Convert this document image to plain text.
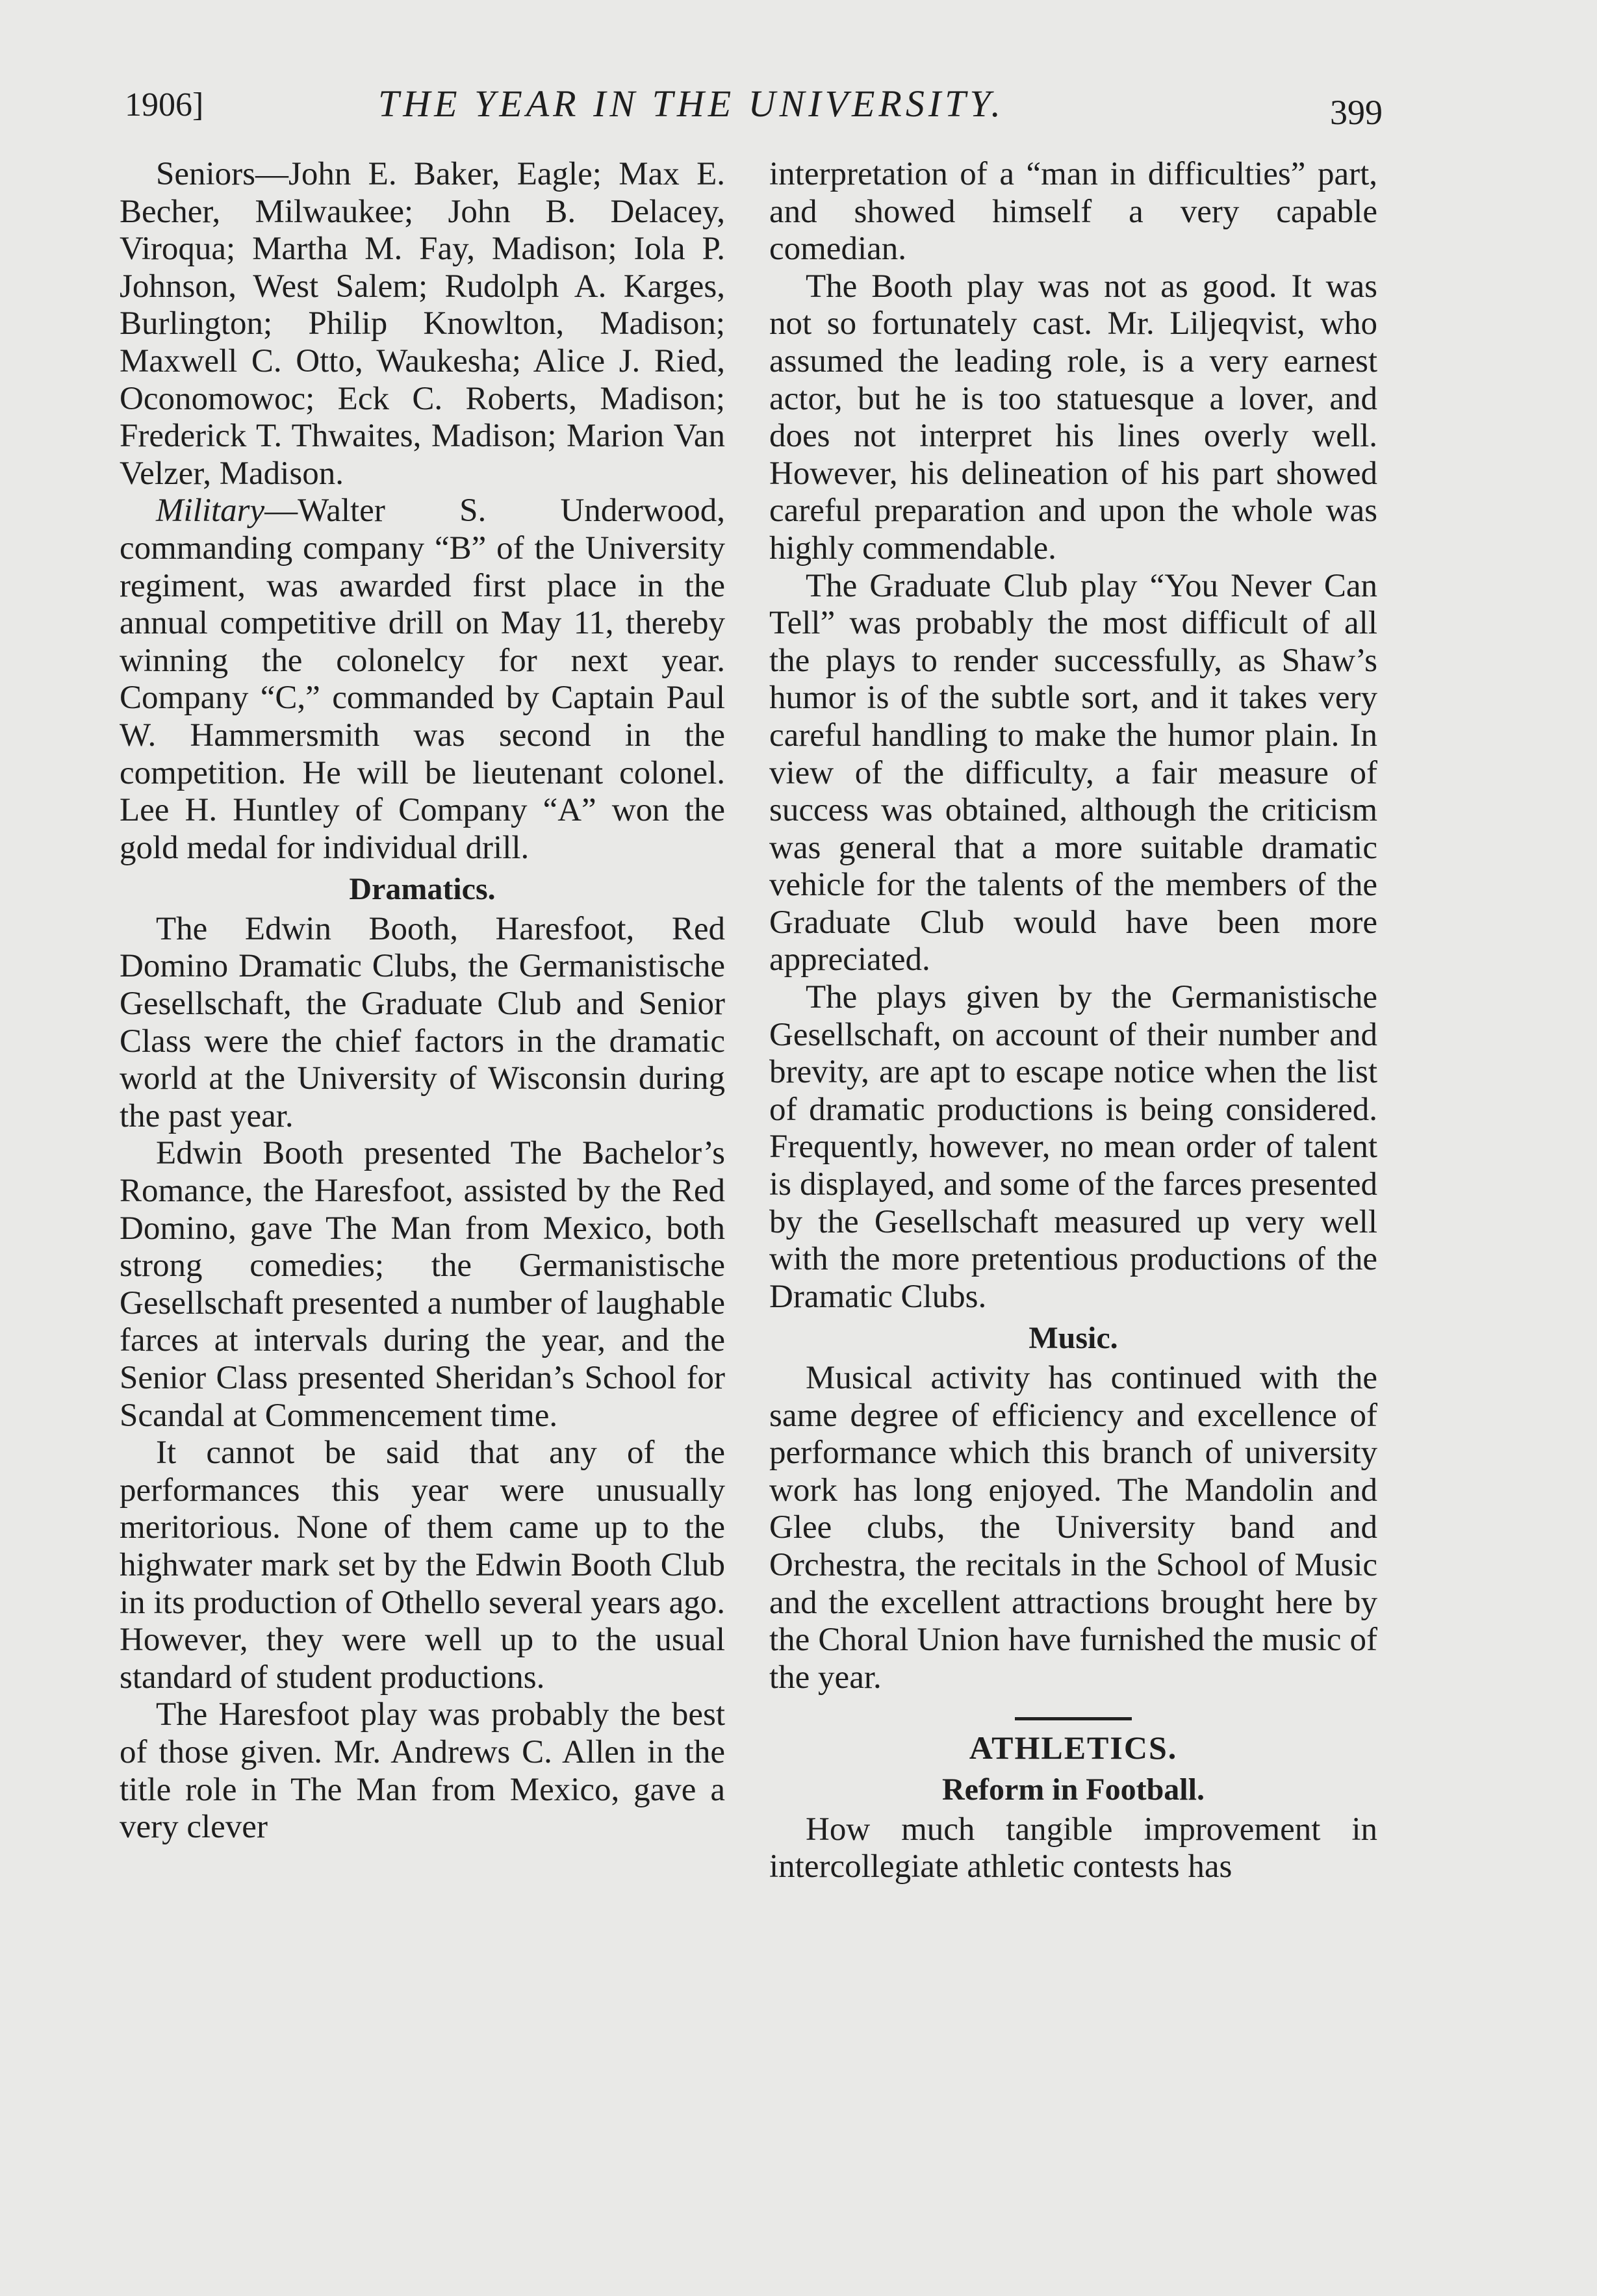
1906]	THE YEAR IN THE UNIVERSITY.	399

Seniors—John E. Baker, Eagle; Max E. Becher, Milwaukee; John B. Delacey, Viroqua; Martha M. Fay, Madison; Iola P. Johnson, West Salem; Rudolph A. Karges, Burlington; Philip Knowlton, Madison; Maxwell C. Otto, Waukesha; Alice J. Ried, Oconomowoc; Eck C. Roberts, Madison; Frederick T. Thwaites, Madison; Marion Van Velzer, Madison.

Military—Walter S. Underwood, commanding company “B” of the University regiment, was awarded first place in the annual competitive drill on May 11, thereby winning the colonelcy for next year. Company “C,” commanded by Captain Paul W. Hammersmith was second in the competition. He will be lieutenant colonel. Lee H. Huntley of Company “A” won the gold medal for individual drill.

Dramatics.

The Edwin Booth, Haresfoot, Red Domino Dramatic Clubs, the Germanistische Gesellschaft, the Graduate Club and Senior Class were the chief factors in the dramatic world at the University of Wisconsin during the past year.

Edwin Booth presented The Bachelor’s Romance, the Haresfoot, assisted by the Red Domino, gave The Man from Mexico, both strong comedies; the Germanistische Gesellschaft presented a number of laughable farces at intervals during the year, and the Senior Class presented Sheridan’s School for Scandal at Commencement time.

It cannot be said that any of the performances this year were unusually meritorious. None of them came up to the highwater mark set by the Edwin Booth Club in its production of Othello several years ago. However, they were well up to the usual standard of student productions.

The Haresfoot play was probably the best of those given. Mr. Andrews C. Allen in the title role in The Man from Mexico, gave a very clever

interpretation of a “man in difficulties” part, and showed himself a very capable comedian.

The Booth play was not as good. It was not so fortunately cast. Mr. Liljeqvist, who assumed the leading role, is a very earnest actor, but he is too statuesque a lover, and does not interpret his lines overly well. However, his delineation of his part showed careful preparation and upon the whole was highly commendable.

The Graduate Club play “You Never Can Tell” was probably the most difficult of all the plays to render successfully, as Shaw’s humor is of the subtle sort, and it takes very careful handling to make the humor plain. In view of the difficulty, a fair measure of success was obtained, although the criticism was general that a more suitable dramatic vehicle for the talents of the members of the Graduate Club would have been more appreciated.

The plays given by the Germanistische Gesellschaft, on account of their number and brevity, are apt to escape notice when the list of dramatic productions is being considered. Frequently, however, no mean order of talent is displayed, and some of the farces presented by the Gesellschaft measured up very well with the more pretentious productions of the Dramatic Clubs.

Music.

Musical activity has continued with the same degree of efficiency and excellence of performance which this branch of university work has long enjoyed. The Mandolin and Glee clubs, the University band and Orchestra, the recitals in the School of Music and the excellent attractions brought here by the Choral Union have furnished the music of the year.

ATHLETICS.
Reform in Football.

How much tangible improvement in intercollegiate athletic contests has
